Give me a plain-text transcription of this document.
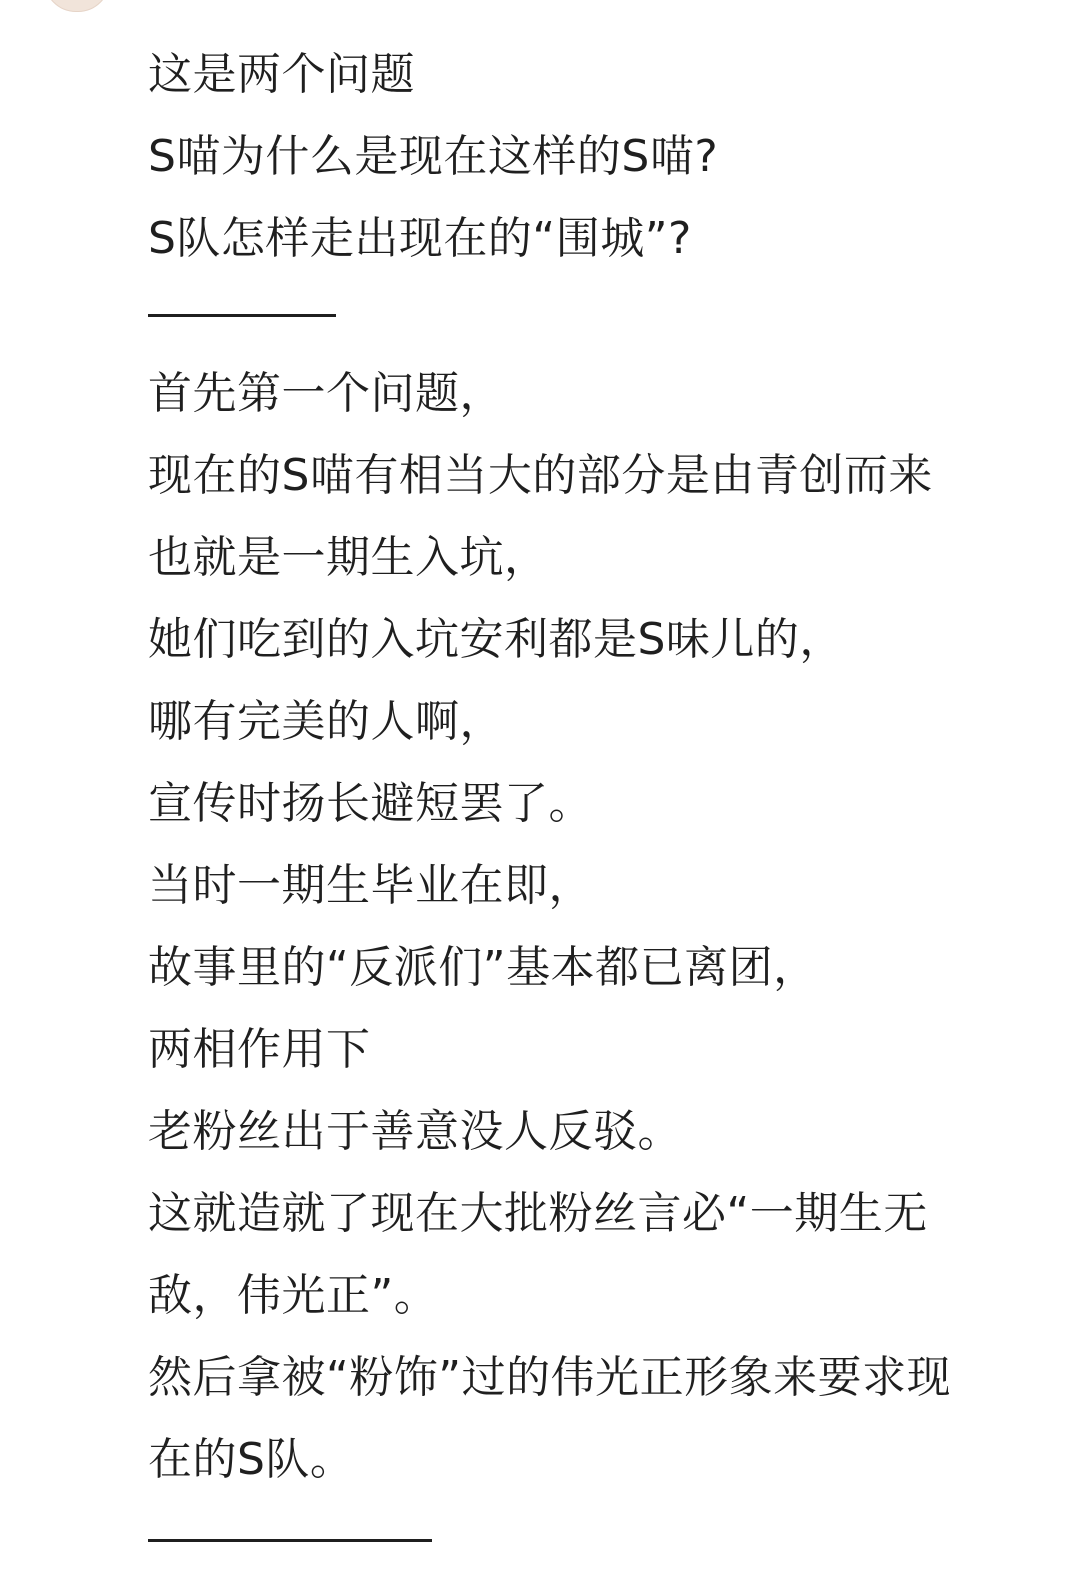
这是两个问题
S喵为什么是现在这样的S喵?
S队怎样走出现在的“围城”?
首先第一个问题，
现在的S喵有相当大的部分是由青创而来
也就是一期生入坑，
她们吃到的入坑安利都是S味儿的，
哪有完美的人啊，
宣传时扬长避短罢了。
当时一期生毕业在即，
故事里的“反派们”基本都已离团，
两相作用下
老粉丝出于善意没人反驳。
这就造就了现在大批粉丝言必“一期生无
敌，伟光正”。
然后拿被“粉饰”过的伟光正形象来要求现
在的S队。
